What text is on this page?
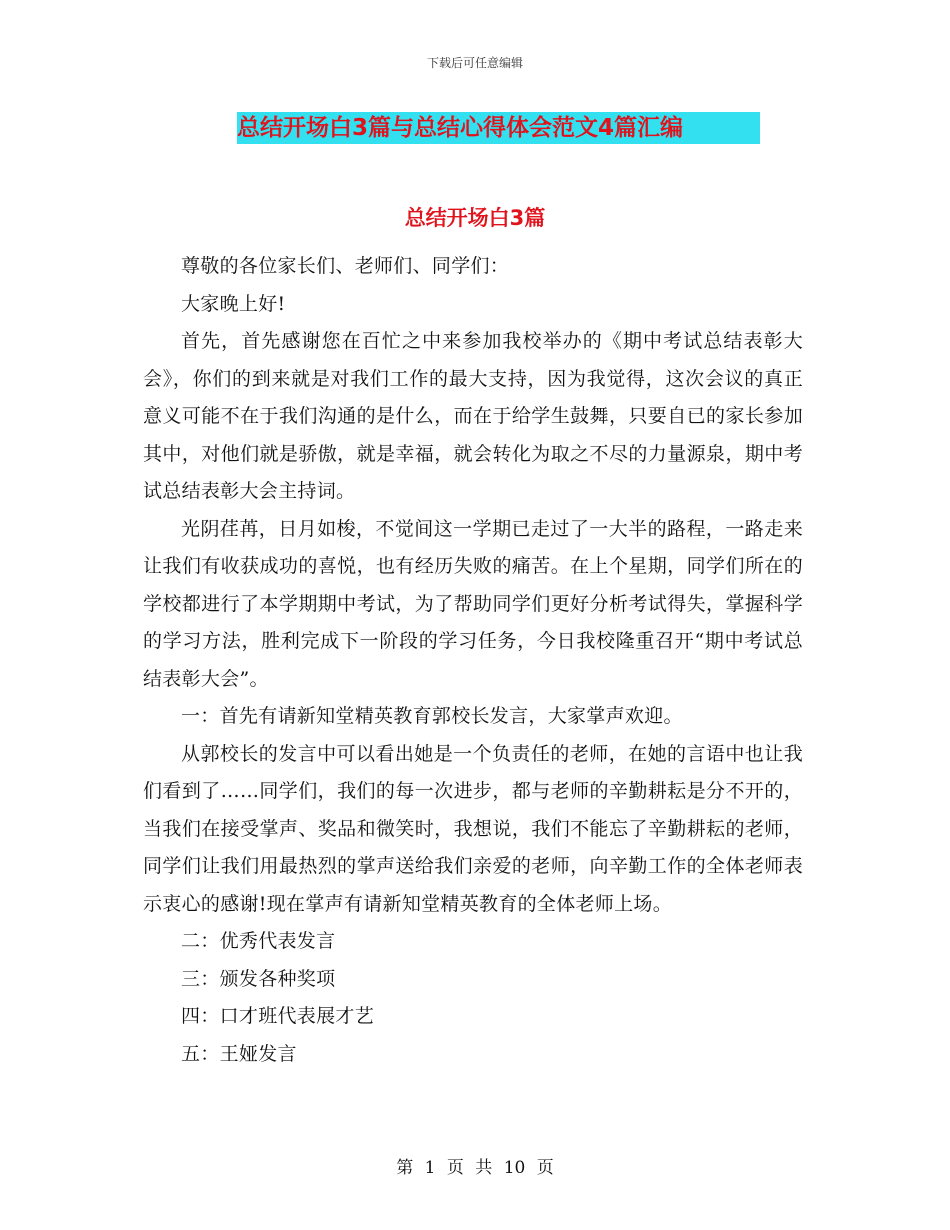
下载后可任意编辑
总结开场白3篇与总结心得体会范文4篇汇编
总结开场白3篇

尊敬的各位家长们、老师们、同学们：

大家晚上好!

首先，首先感谢您在百忙之中来参加我校举办的《期中考试总结表彰大会》，你们的到来就是对我们工作的最大支持，因为我觉得，这次会议的真正意义可能不在于我们沟通的是什么，而在于给学生鼓舞，只要自已的家长参加其中，对他们就是骄傲，就是幸福，就会转化为取之不尽的力量源泉，期中考试总结表彰大会主持词。

光阴荏苒，日月如梭，不觉间这一学期已走过了一大半的路程，一路走来让我们有收获成功的喜悦，也有经历失败的痛苦。在上个星期，同学们所在的学校都进行了本学期期中考试，为了帮助同学们更好分析考试得失，掌握科学的学习方法，胜利完成下一阶段的学习任务，今日我校隆重召开“期中考试总结表彰大会”。

一：首先有请新知堂精英教育郭校长发言，大家掌声欢迎。

从郭校长的发言中可以看出她是一个负责任的老师，在她的言语中也让我们看到了……同学们，我们的每一次进步，都与老师的辛勤耕耘是分不开的，当我们在接受掌声、奖品和微笑时，我想说，我们不能忘了辛勤耕耘的老师，同学们让我们用最热烈的掌声送给我们亲爱的老师，向辛勤工作的全体老师表示衷心的感谢!现在掌声有请新知堂精英教育的全体老师上场。

二：优秀代表发言

三：颁发各种奖项

四：口才班代表展才艺

五：王娅发言

第 1 页 共 10 页
